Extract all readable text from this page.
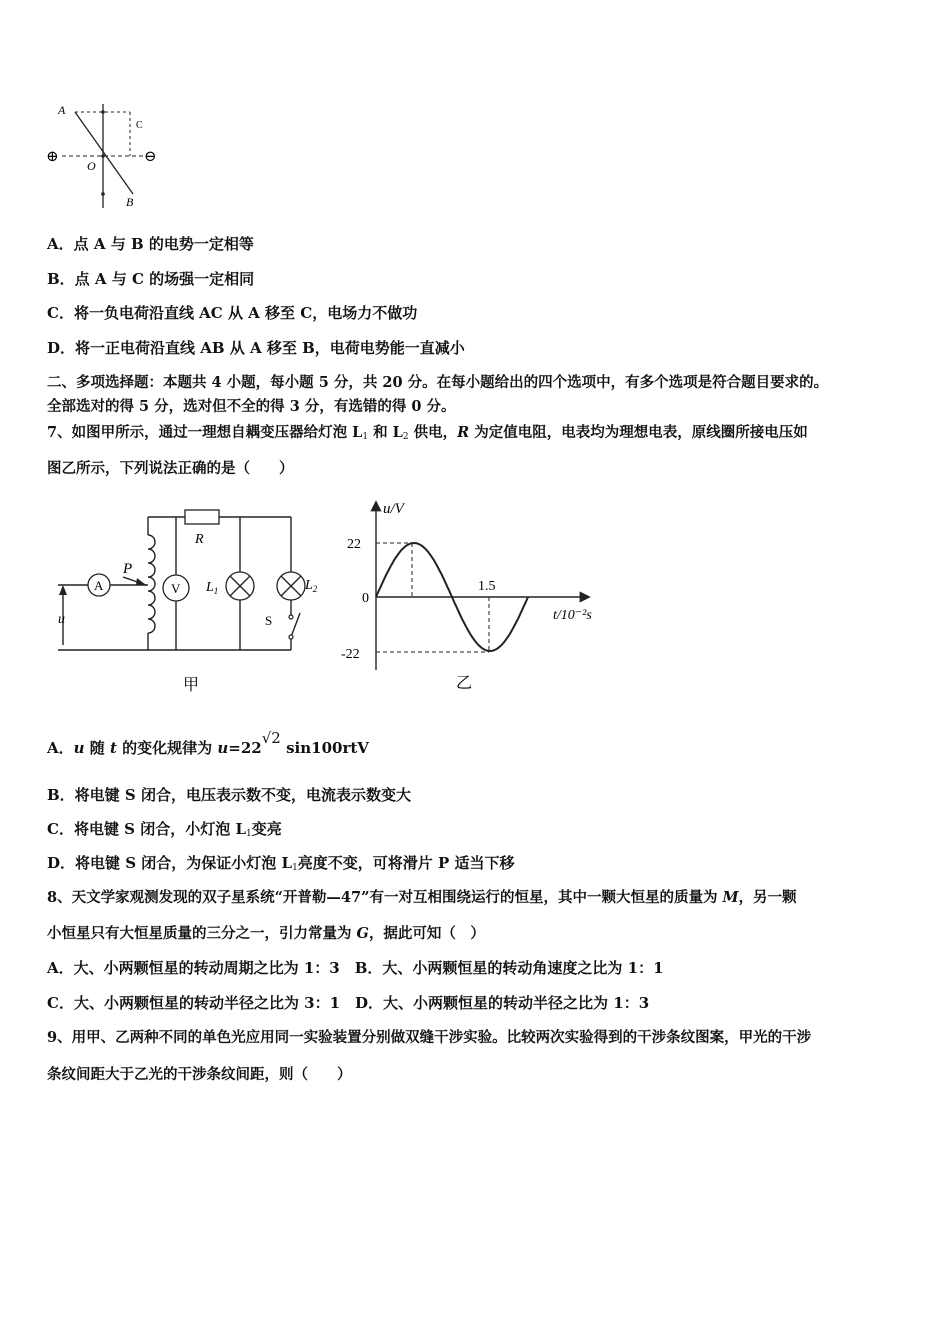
A
C
O
B
⊕	⊖
A．点 A 与 B 的电势一定相等
B．点 A 与 C 的场强一定相同
C．将一负电荷沿直线 AC 从 A 移至 C，电场力不做功
D．将一正电荷沿直线 AB 从 A 移至 B，电荷电势能一直减小
二、多项选择题：本题共 4 小题，每小题 5 分，共 20 分。在每小题给出的四个选项中，有多个选项是符合题目要求的。
全部选对的得 5 分，选对但不全的得 3 分，有选错的得 0 分。
7、如图甲所示，通过一理想自耦变压器给灯泡 $L_1$ 和 $L_2$ 供电，R 为定值电阻，电表均为理想电表，原线圈所接电压如
图乙所示，下列说法正确的是（　　）
A	V
P
R
$L_1$	$L_2$
S
u
甲
u/V
t/10⁻²s
22
0
-22
1.5
乙
A．u 随 t 的变化规律为 u=22√2 sin100rtV
B．将电键 S 闭合，电压表示数不变，电流表示数变大
C．将电键 S 闭合，小灯泡 $L_1$变亮
D．将电键 S 闭合，为保证小灯泡 $L_1$亮度不变，可将滑片 P 适当下移
8、天文学家观测发现的双子星系统“开普勒—47”有一对互相围绕运行的恒星，其中一颗大恒星的质量为 M，另一颗
小恒星只有大恒星质量的三分之一，引力常量为 G，据此可知（　）
A．大、小两颗恒星的转动周期之比为 1：3　B．大、小两颗恒星的转动角速度之比为 1：1
C．大、小两颗恒星的转动半径之比为 3：1　D．大、小两颗恒星的转动半径之比为 1：3
9、用甲、乙两种不同的单色光应用同一实验装置分别做双缝干涉实验。比较两次实验得到的干涉条纹图案，甲光的干涉
条纹间距大于乙光的干涉条纹间距，则（　　）
